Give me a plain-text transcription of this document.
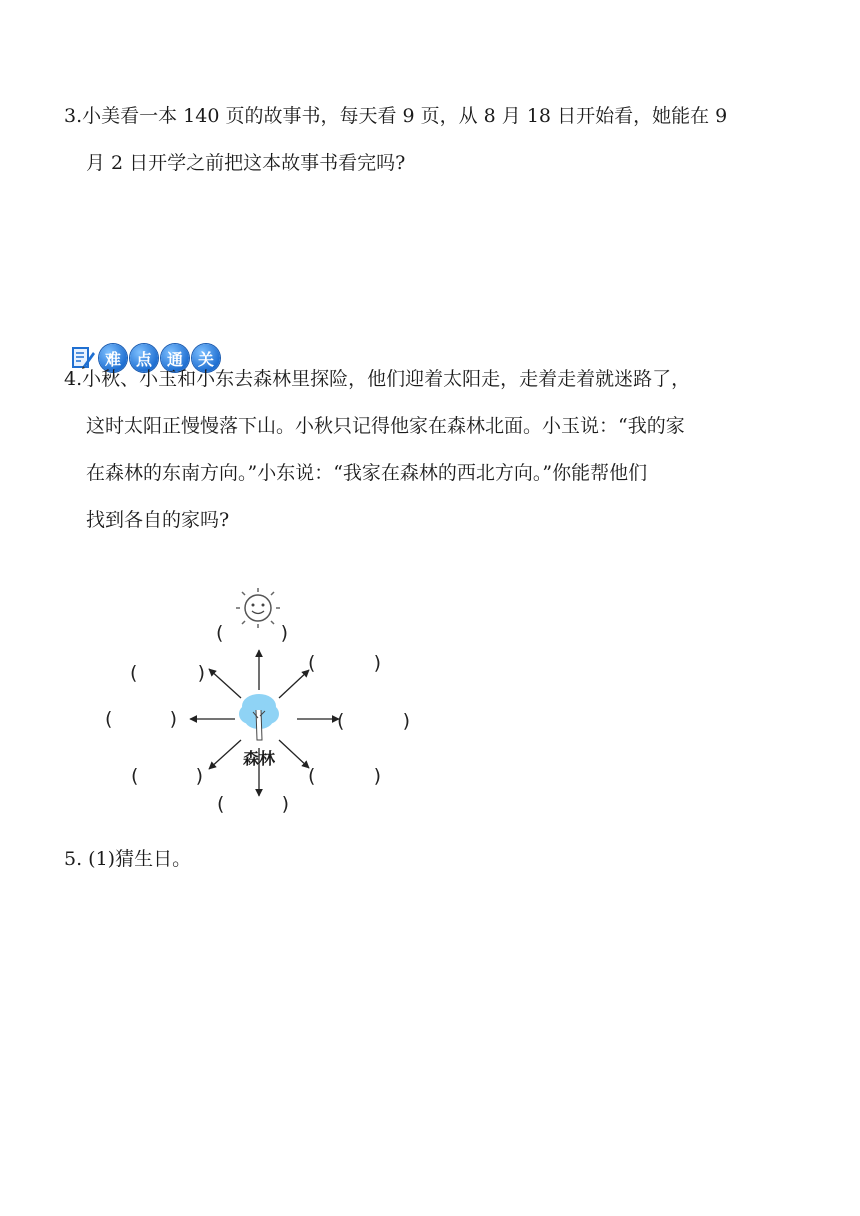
3.小美看一本 140 页的故事书，每天看 9 页，从 8 月 18 日开始看，她能在 9
月 2 日开学之前把这本故事书看完吗?
难 点 通 关
4.小秋、小玉和小东去森林里探险，他们迎着太阳走，走着走着就迷路了，
这时太阳正慢慢落下山。小秋只记得他家在森林北面。小玉说：“我的家
在森林的东南方向。”小东说：“我家在森林的西北方向。”你能帮他们
找到各自的家吗?
森林
(	)
(	)	(	)
(	)	(	)
(	)	(	)
(	)
5. (1)猜生日。
